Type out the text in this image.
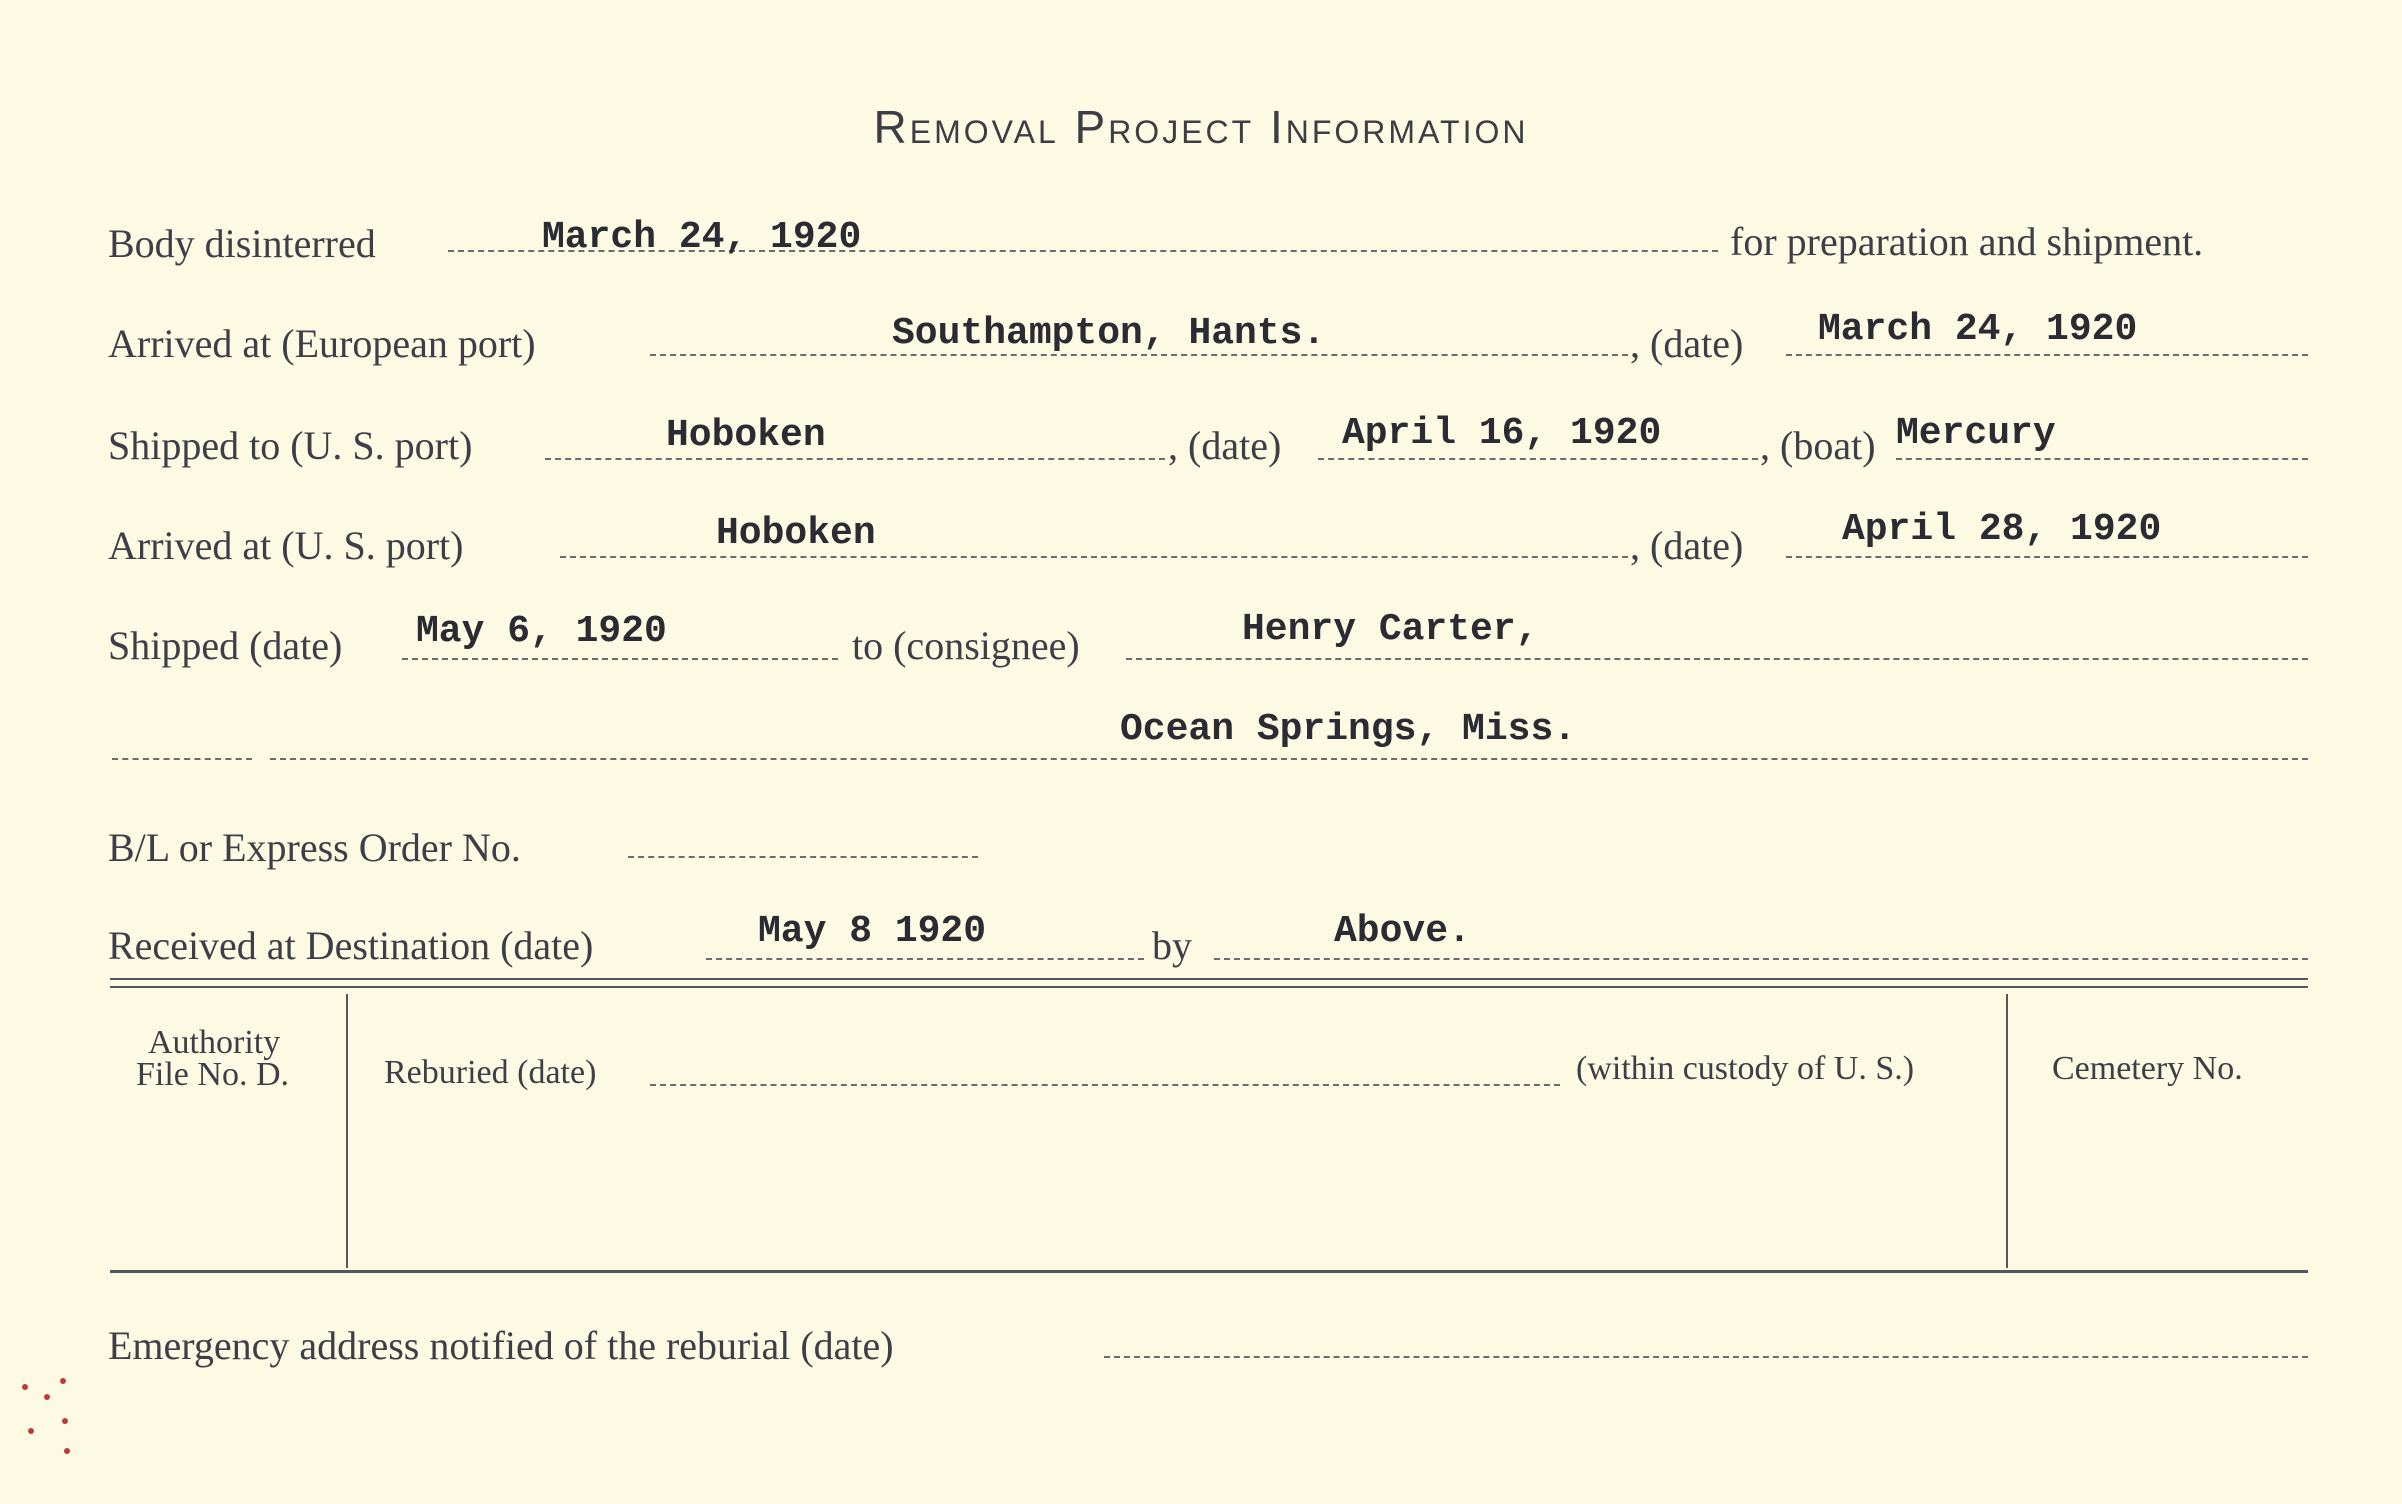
Removal Project Information
Body disinterred	March 24, 1920	for preparation and shipment.
Arrived at (European port)	Southampton, Hants.	, (date) March 24, 1920
Shipped to (U. S. port)	Hoboken	, (date) April 16, 1920 , (boat) Mercury
Arrived at (U. S. port)	Hoboken	, (date)	April 28, 1920
Shipped (date) May 6, 1920	to (consignee)	Henry Carter,
Ocean Springs, Miss.
B/L or Express Order No.
Received at Destination (date)	May 8 1920	by	Above.
Authority
File No. D.	Reburied (date)	(within custody of U. S.)	Cemetery No.
Emergency address notified of the reburial (date)
